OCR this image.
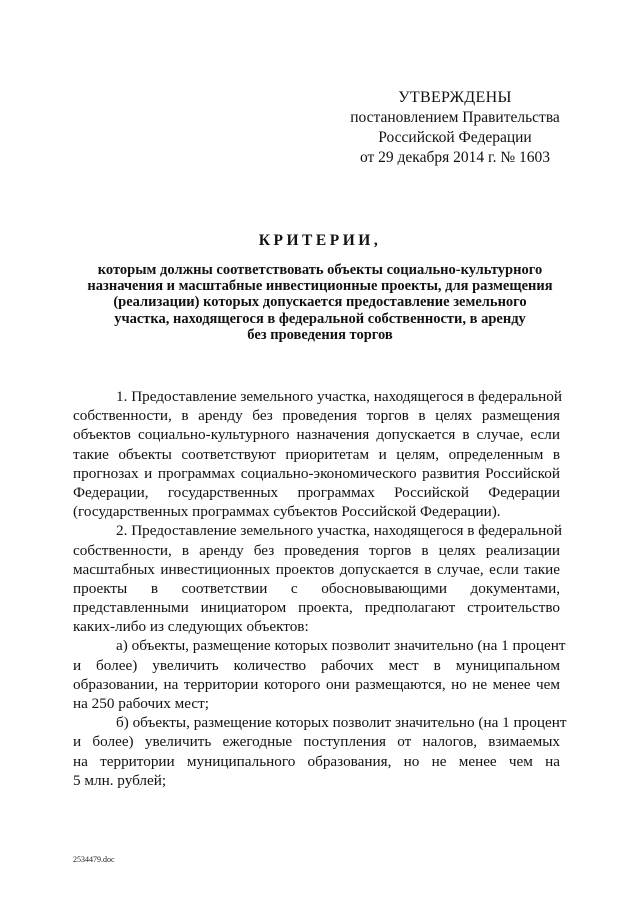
УТВЕРЖДЕНЫ
постановлением Правительства
Российской Федерации
от 29 декабря 2014 г. № 1603
КРИТЕРИИ,
которым должны соответствовать объекты социально-культурного
назначения и масштабные инвестиционные проекты, для размещения
(реализации) которых допускается предоставление земельного
участка, находящегося в федеральной собственности, в аренду
без проведения торгов
1. Предоставление земельного участка, находящегося в федеральной
собственности, в аренду без проведения торгов в целях размещения
объектов социально-культурного назначения допускается в случае, если
такие объекты соответствуют приоритетам и целям, определенным в
прогнозах и программах социально-экономического развития Российской
Федерации, государственных программах Российской Федерации
(государственных программах субъектов Российской Федерации).
2. Предоставление земельного участка, находящегося в федеральной
собственности, в аренду без проведения торгов в целях реализации
масштабных инвестиционных проектов допускается в случае, если такие
проекты в соответствии с обосновывающими документами,
представленными инициатором проекта, предполагают строительство
каких-либо из следующих объектов:
а) объекты, размещение которых позволит значительно (на 1 процент
и более) увеличить количество рабочих мест в муниципальном
образовании, на территории которого они размещаются, но не менее чем
на 250 рабочих мест;
б) объекты, размещение которых позволит значительно (на 1 процент
и более) увеличить ежегодные поступления от налогов, взимаемых
на территории муниципального образования, но не менее чем на
5 млн. рублей;
2534479.doc
